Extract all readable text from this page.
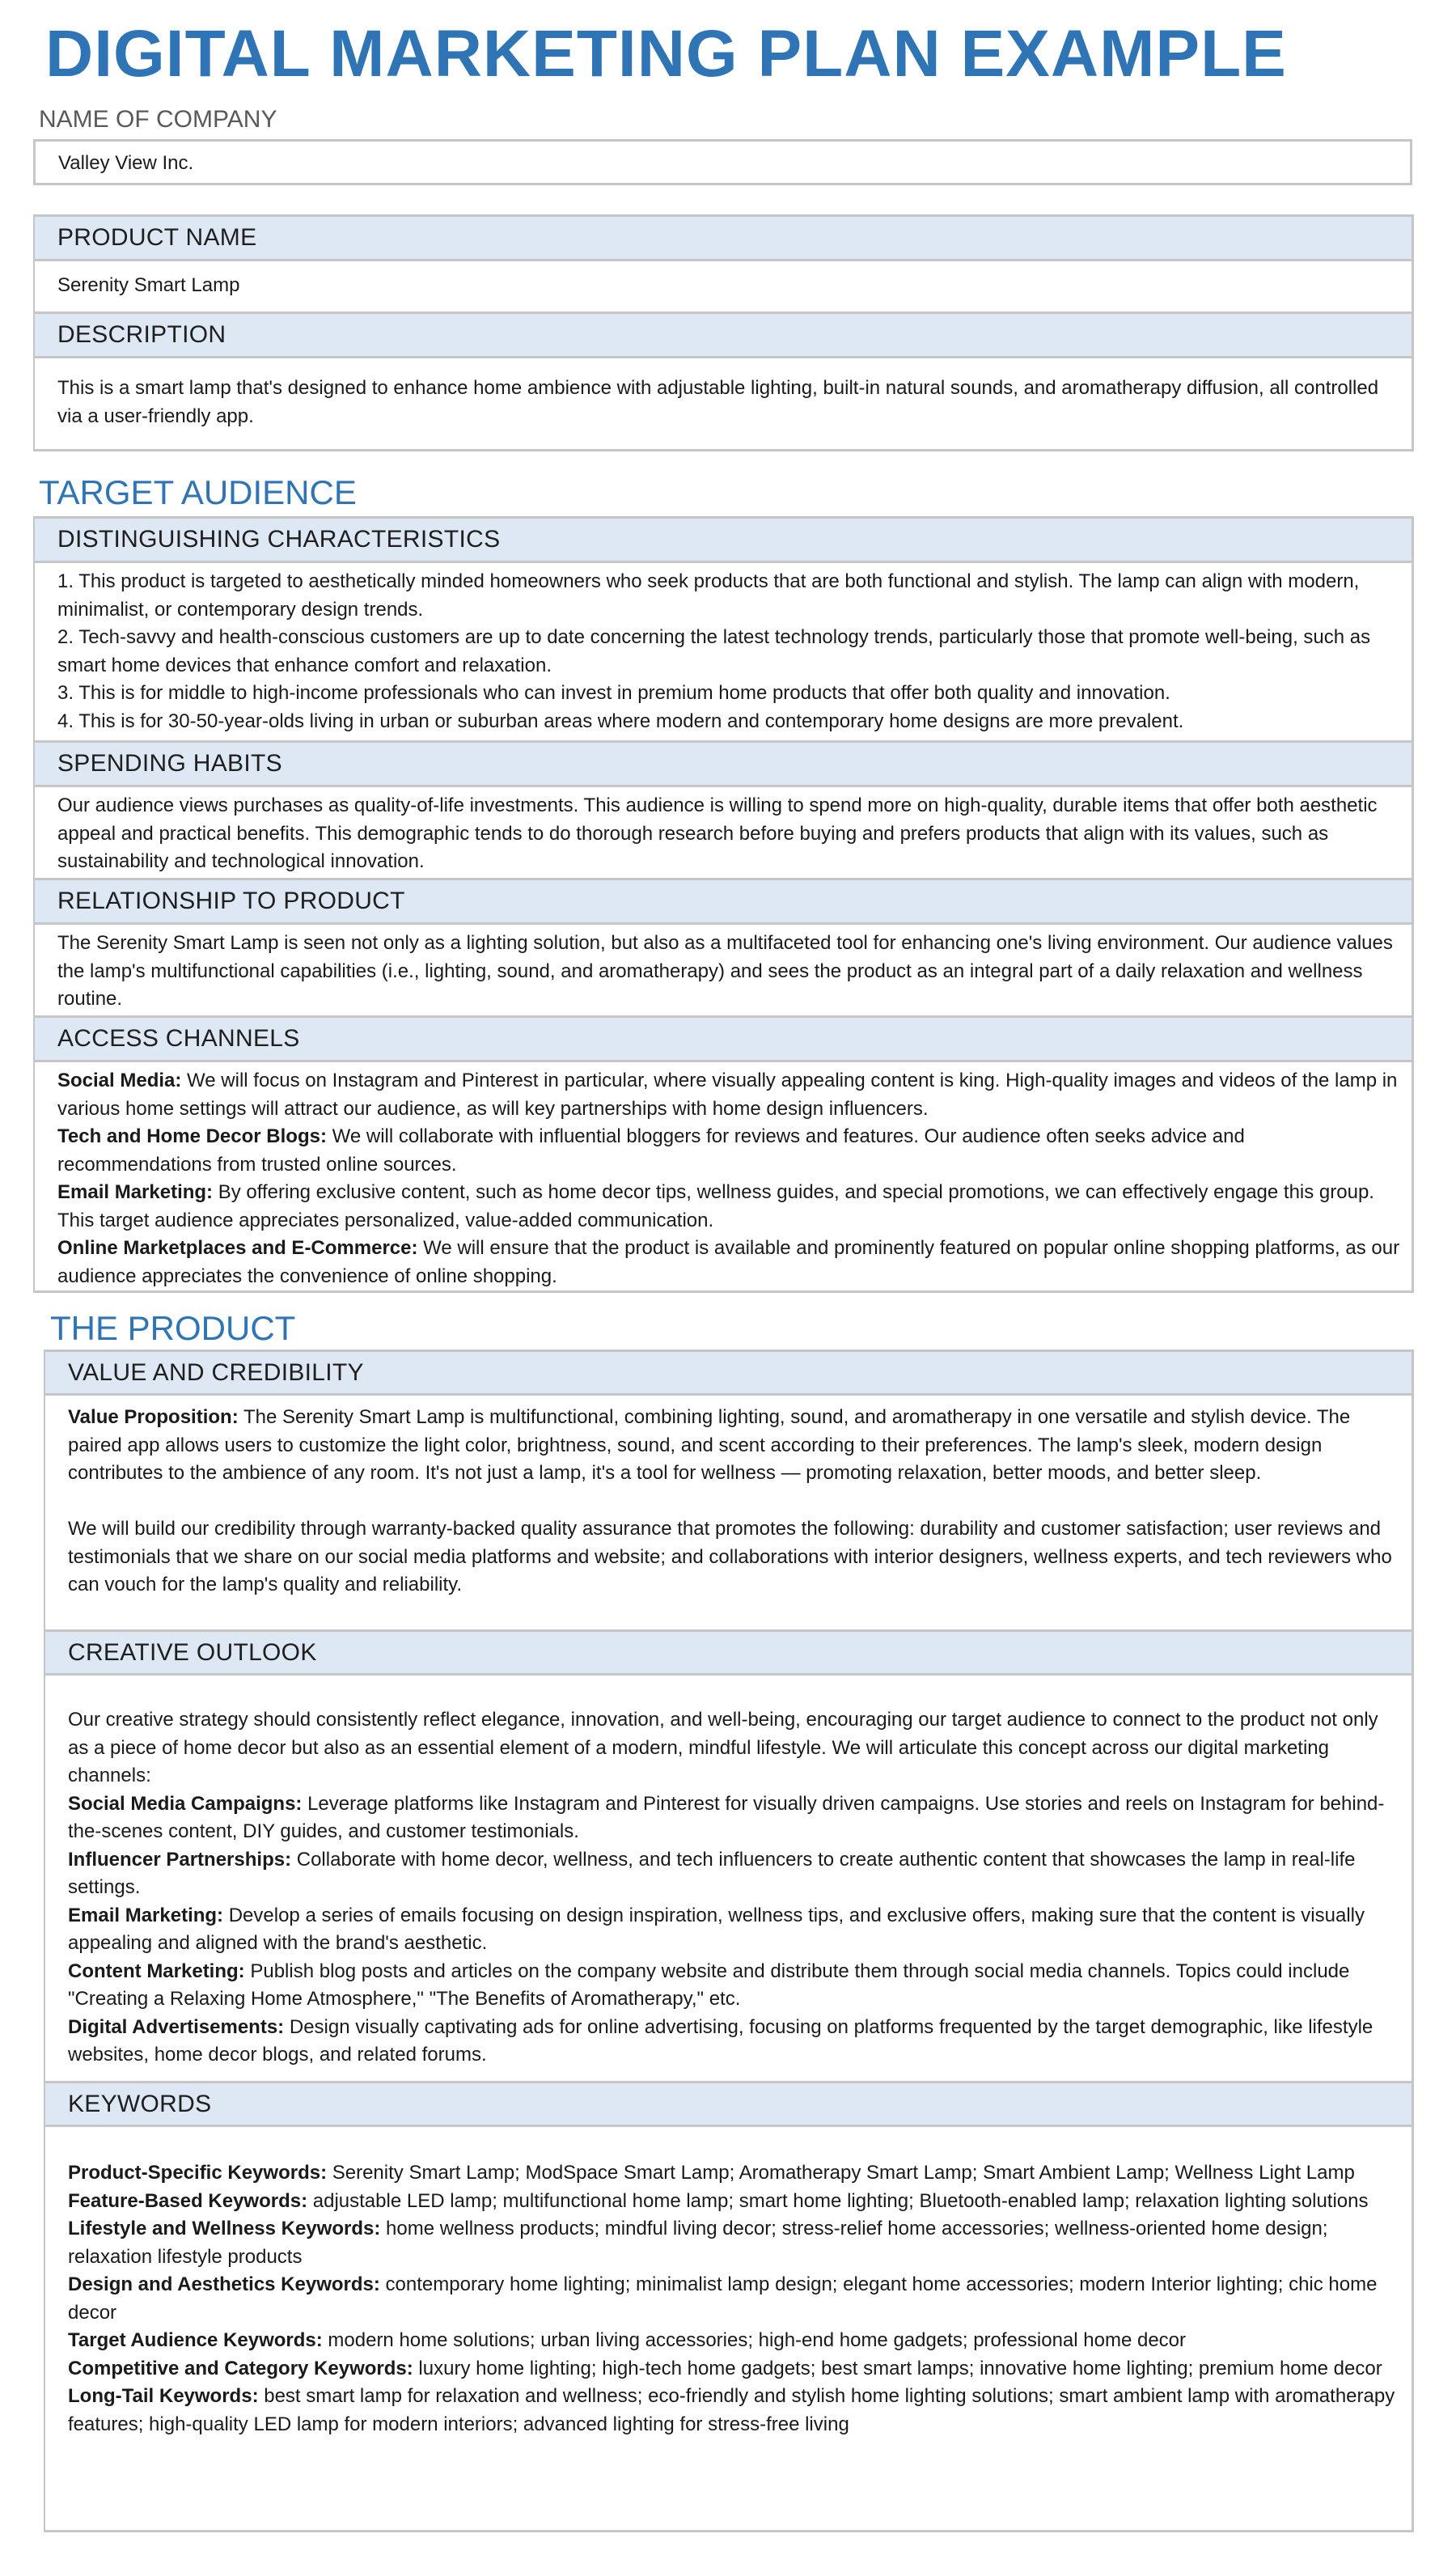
DIGITAL MARKETING PLAN EXAMPLE
NAME OF COMPANY
Valley View Inc.
PRODUCT NAME
Serenity Smart Lamp
DESCRIPTION

This is a smart lamp that's designed to enhance home ambience with adjustable lighting, built-in natural sounds, and aromatherapy diffusion, all controlled via a user-friendly app.

TARGET AUDIENCE
DISTINGUISHING CHARACTERISTICS

1. This product is targeted to aesthetically minded homeowners who seek products that are both functional and stylish. The lamp can align with modern, minimalist, or contemporary design trends.

2. Tech-savvy and health-conscious customers are up to date concerning the latest technology trends, particularly those that promote well-being, such as smart home devices that enhance comfort and relaxation.

3. This is for middle to high-income professionals who can invest in premium home products that offer both quality and innovation.

4. This is for 30-50-year-olds living in urban or suburban areas where modern and contemporary home designs are more prevalent.

SPENDING HABITS

Our audience views purchases as quality-of-life investments. This audience is willing to spend more on high-quality, durable items that offer both aesthetic appeal and practical benefits. This demographic tends to do thorough research before buying and prefers products that align with its values, such as sustainability and technological innovation.

RELATIONSHIP TO PRODUCT

The Serenity Smart Lamp is seen not only as a lighting solution, but also as a multifaceted tool for enhancing one's living environment. Our audience values the lamp's multifunctional capabilities (i.e., lighting, sound, and aromatherapy) and sees the product as an integral part of a daily relaxation and wellness routine.

ACCESS CHANNELS

Social Media: We will focus on Instagram and Pinterest in particular, where visually appealing content is king. High-quality images and videos of the lamp in various home settings will attract our audience, as will key partnerships with home design influencers.

Tech and Home Decor Blogs: We will collaborate with influential bloggers for reviews and features. Our audience often seeks advice and recommendations from trusted online sources.

Email Marketing: By offering exclusive content, such as home decor tips, wellness guides, and special promotions, we can effectively engage this group. This target audience appreciates personalized, value-added communication.

Online Marketplaces and E-Commerce: We will ensure that the product is available and prominently featured on popular online shopping platforms, as our audience appreciates the convenience of online shopping.

THE PRODUCT
VALUE AND CREDIBILITY

Value Proposition: The Serenity Smart Lamp is multifunctional, combining lighting, sound, and aromatherapy in one versatile and stylish device. The paired app allows users to customize the light color, brightness, sound, and scent according to their preferences. The lamp's sleek, modern design contributes to the ambience of any room. It's not just a lamp, it's a tool for wellness — promoting relaxation, better moods, and better sleep.

We will build our credibility through warranty-backed quality assurance that promotes the following: durability and customer satisfaction; user reviews and testimonials that we share on our social media platforms and website; and collaborations with interior designers, wellness experts, and tech reviewers who can vouch for the lamp's quality and reliability.

CREATIVE OUTLOOK

Our creative strategy should consistently reflect elegance, innovation, and well-being, encouraging our target audience to connect to the product not only as a piece of home decor but also as an essential element of a modern, mindful lifestyle. We will articulate this concept across our digital marketing channels:

Social Media Campaigns: Leverage platforms like Instagram and Pinterest for visually driven campaigns. Use stories and reels on Instagram for behind-the-scenes content, DIY guides, and customer testimonials.

Influencer Partnerships: Collaborate with home decor, wellness, and tech influencers to create authentic content that showcases the lamp in real-life settings.

Email Marketing: Develop a series of emails focusing on design inspiration, wellness tips, and exclusive offers, making sure that the content is visually appealing and aligned with the brand's aesthetic.

Content Marketing: Publish blog posts and articles on the company website and distribute them through social media channels. Topics could include "Creating a Relaxing Home Atmosphere," "The Benefits of Aromatherapy," etc.

Digital Advertisements: Design visually captivating ads for online advertising, focusing on platforms frequented by the target demographic, like lifestyle websites, home decor blogs, and related forums.

KEYWORDS

Product-Specific Keywords: Serenity Smart Lamp; ModSpace Smart Lamp; Aromatherapy Smart Lamp; Smart Ambient Lamp; Wellness Light Lamp

Feature-Based Keywords: adjustable LED lamp; multifunctional home lamp; smart home lighting; Bluetooth-enabled lamp; relaxation lighting solutions

Lifestyle and Wellness Keywords: home wellness products; mindful living decor; stress-relief home accessories; wellness-oriented home design; relaxation lifestyle products

Design and Aesthetics Keywords: contemporary home lighting; minimalist lamp design; elegant home accessories; modern Interior lighting; chic home decor

Target Audience Keywords: modern home solutions; urban living accessories; high-end home gadgets; professional home decor

Competitive and Category Keywords: luxury home lighting; high-tech home gadgets; best smart lamps; innovative home lighting; premium home decor

Long-Tail Keywords: best smart lamp for relaxation and wellness; eco-friendly and stylish home lighting solutions; smart ambient lamp with aromatherapy features; high-quality LED lamp for modern interiors; advanced lighting for stress-free living
